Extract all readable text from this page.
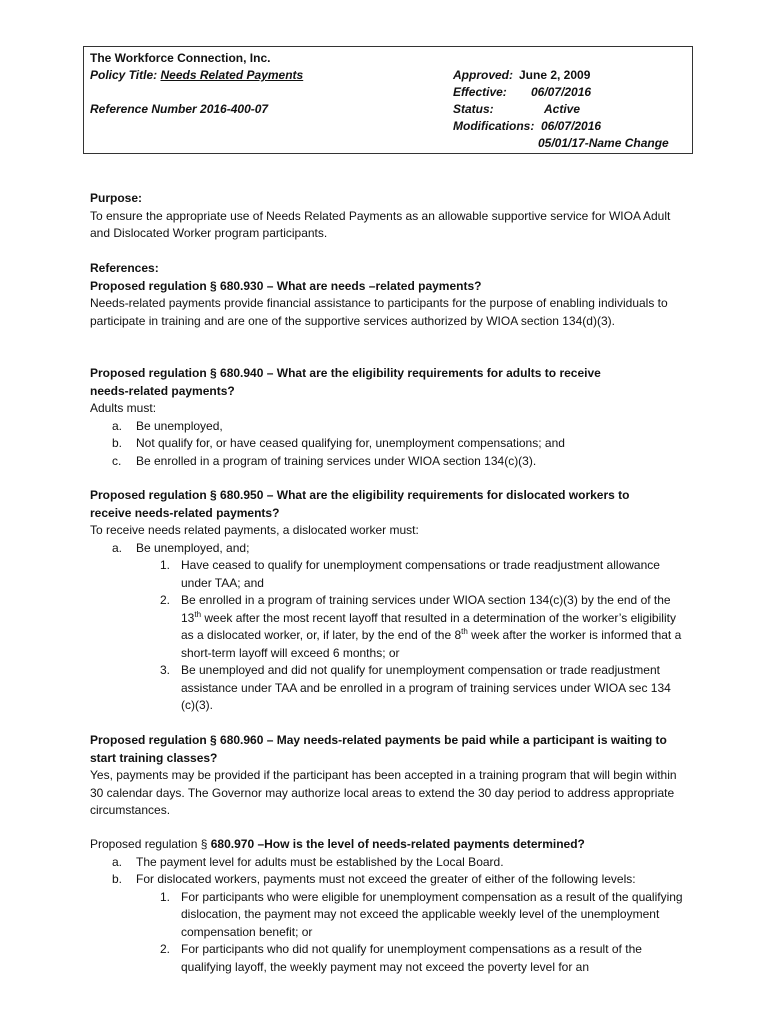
The Workforce Connection, Inc.
Policy Title: Needs Related Payments
Reference Number 2016-400-07
Approved: June 2, 2009
Effective: 06/07/2016
Status:	Active
Modifications: 06/07/2016
05/01/17-Name Change

Purpose:

To ensure the appropriate use of Needs Related Payments as an allowable supportive service for WIOA Adult and Dislocated Worker program participants.

References:

Proposed regulation § 680.930 – What are needs –related payments?

Needs-related payments provide financial assistance to participants for the purpose of enabling individuals to participate in training and are one of the supportive services authorized by WIOA section 134(d)(3).

Proposed regulation § 680.940 – What are the eligibility requirements for adults to receive

needs-related payments?

Adults must:

a. Be unemployed,
b. Not qualify for, or have ceased qualifying for, unemployment compensations; and
c. Be enrolled in a program of training services under WIOA section 134(c)(3).

Proposed regulation § 680.950 – What are the eligibility requirements for dislocated workers to

receive needs-related payments?

To receive needs related payments, a dislocated worker must:

a. Be unemployed, and;
1. Have ceased to qualify for unemployment compensations or trade readjustment allowance under TAA; and
2. Be enrolled in a program of training services under WIOA section 134(c)(3) by the end of the 13th week after the most recent layoff that resulted in a determination of the worker’s eligibility as a dislocated worker, or, if later, by the end of the 8th week after the worker is informed that a short-term layoff will exceed 6 months; or
3. Be unemployed and did not qualify for unemployment compensation or trade readjustment assistance under TAA and be enrolled in a program of training services under WIOA sec 134 (c)(3).

Proposed regulation § 680.960 – May needs-related payments be paid while a participant is waiting to start training classes?

Yes, payments may be provided if the participant has been accepted in a training program that will begin within 30 calendar days. The Governor may authorize local areas to extend the 30 day period to address appropriate circumstances.

Proposed regulation § 680.970 –How is the level of needs-related payments determined?

a. The payment level for adults must be established by the Local Board.
b. For dislocated workers, payments must not exceed the greater of either of the following levels:
1. For participants who were eligible for unemployment compensation as a result of the qualifying dislocation, the payment may not exceed the applicable weekly level of the unemployment compensation benefit; or
2. For participants who did not qualify for unemployment compensations as a result of the qualifying layoff, the weekly payment may not exceed the poverty level for an
